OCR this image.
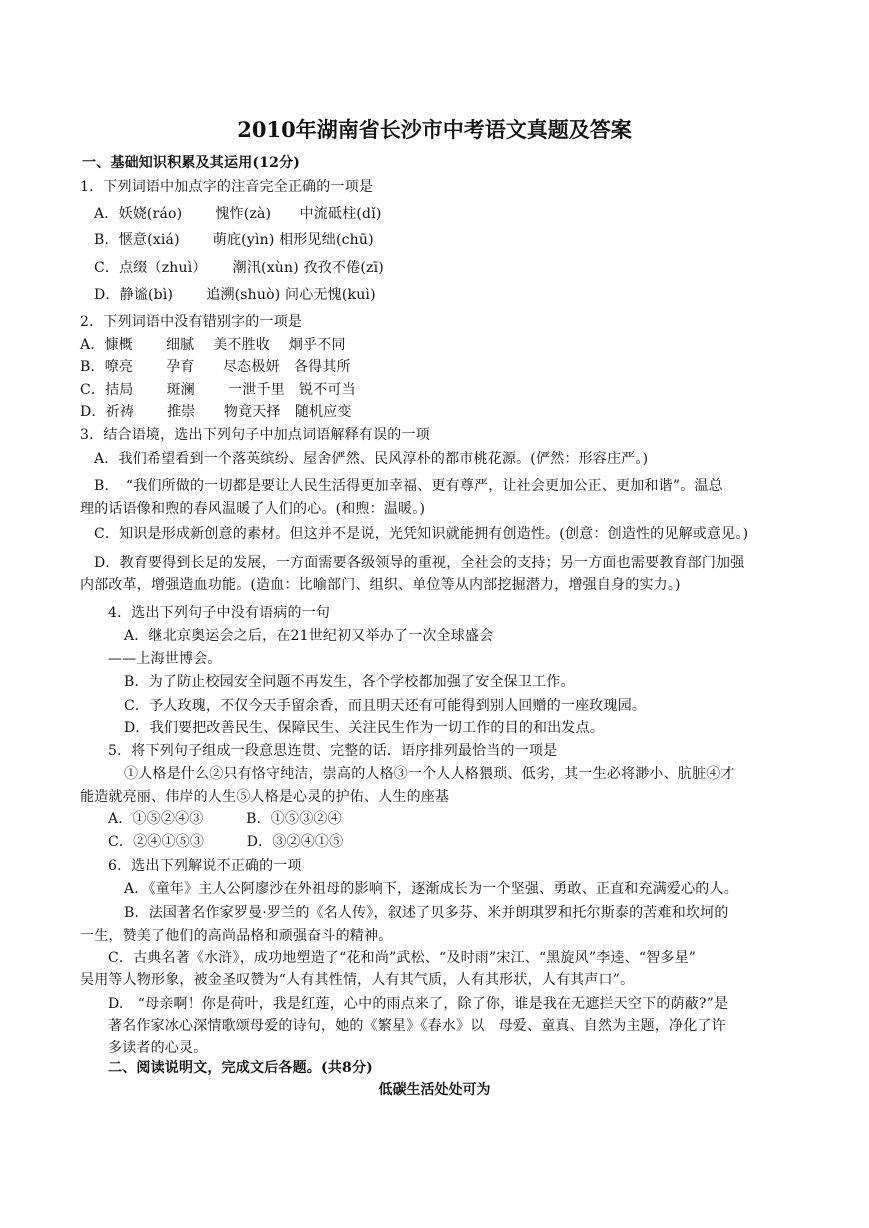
2010年湖南省长沙市中考语文真题及答案
一、基础知识积累及其运用(12分)
1．下列词语中加点字的注音完全正确的一项是
A．妖娆(ráo)　　 愧怍(zà)　　中流砥柱(dǐ)
B．惬意(xiá)　　 萌庇(yìn) 相形见绌(chū)
C．点缀（zhuì）　　 潮汛(xùn) 孜孜不倦(zī)
D．静谧(bì)　　 追溯(shuò) 问心无愧(kuì)
2．下列词语中没有错别字的一项是
A．慷概　　 细腻　 美不胜收　 炯乎不同
B．嘹亮　　 孕育　　尽态极妍　各得其所
C．拮局　　 斑澜　　 一泄千里　锐不可当
D．祈祷　　 推崇　　物竟天择　随机应变
3．结合语境，选出下列句子中加点词语解释有误的一项
A．我们希望看到一个落英缤纷、屋舍俨然、民风淳朴的都市桃花源。(俨然：形容庄严。)
B．　“我们所做的一切都是要让人民生活得更加幸福、更有尊严，让社会更加公正、更加和谐”。温总
理的话语像和煦的春风温暖了人们的心。(和煦：温暖。)
C．知识是形成新创意的素材。但这并不是说，光凭知识就能拥有创造性。(创意：创造性的见解或意见。)
D．教育要得到长足的发展，一方面需要各级领导的重视，全社会的支持；另一方面也需要教育部门加强
内部改革，增强造血功能。(造血：比喻部门、组织、单位等从内部挖掘潜力，增强自身的实力。)
4．选出下列句子中没有语病的一句
A．继北京奥运会之后，在21世纪初又举办了一次全球盛会
——上海世博会。
B．为了防止校园安全问题不再发生，各个学校都加强了安全保卫工作。
C．予人玫瑰，不仅今天手留余香，而且明天还有可能得到别人回赠的一座玫瑰园。
D．我们要把改善民生、保障民生、关注民生作为一切工作的目的和出发点。
5．将下列句子组成一段意思连贯、完整的话．语序排列最恰当的一项是
①人格是什么②只有恪守纯洁，崇高的人格③一个人人格猥琐、低劣，其一生必将渺小、肮脏④才
能造就亮丽、伟岸的人生⑤人格是心灵的护佑、人生的座基
A．①⑤②④③　　　B．①⑤③②④
C．②④①⑤③　　　D．③②④①⑤
6．选出下列解说不正确的一项
A．《童年》主人公阿廖沙在外祖母的影响下，逐渐成长为一个坚强、勇敢、正直和充满爱心的人。
B．法国著名作家罗曼·罗兰的《名人传》，叙述了贝多芬、米并朗琪罗和托尔斯泰的苦难和坎坷的
一生，赞美了他们的高尚品格和顽强奋斗的精神。
C．古典名著《水浒》，成功地塑造了“花和尚”武松、“及时雨”宋江、“黑旋风”李逵、“智多星”
吴用等人物形象，被金圣叹赞为“人有其性情，人有其气质，人有其形状，人有其声口”。
D.　“母亲啊！你是荷叶，我是红莲，心中的雨点来了，除了你，谁是我在无遮拦天空下的荫蔽?”是
著名作家冰心深情歌颂母爱的诗句，她的《繁星》《春水》以　母爱、童真、自然为主题，净化了许
多读者的心灵。
二、阅读说明文，完成文后各题。(共8分)
低碳生活处处可为
